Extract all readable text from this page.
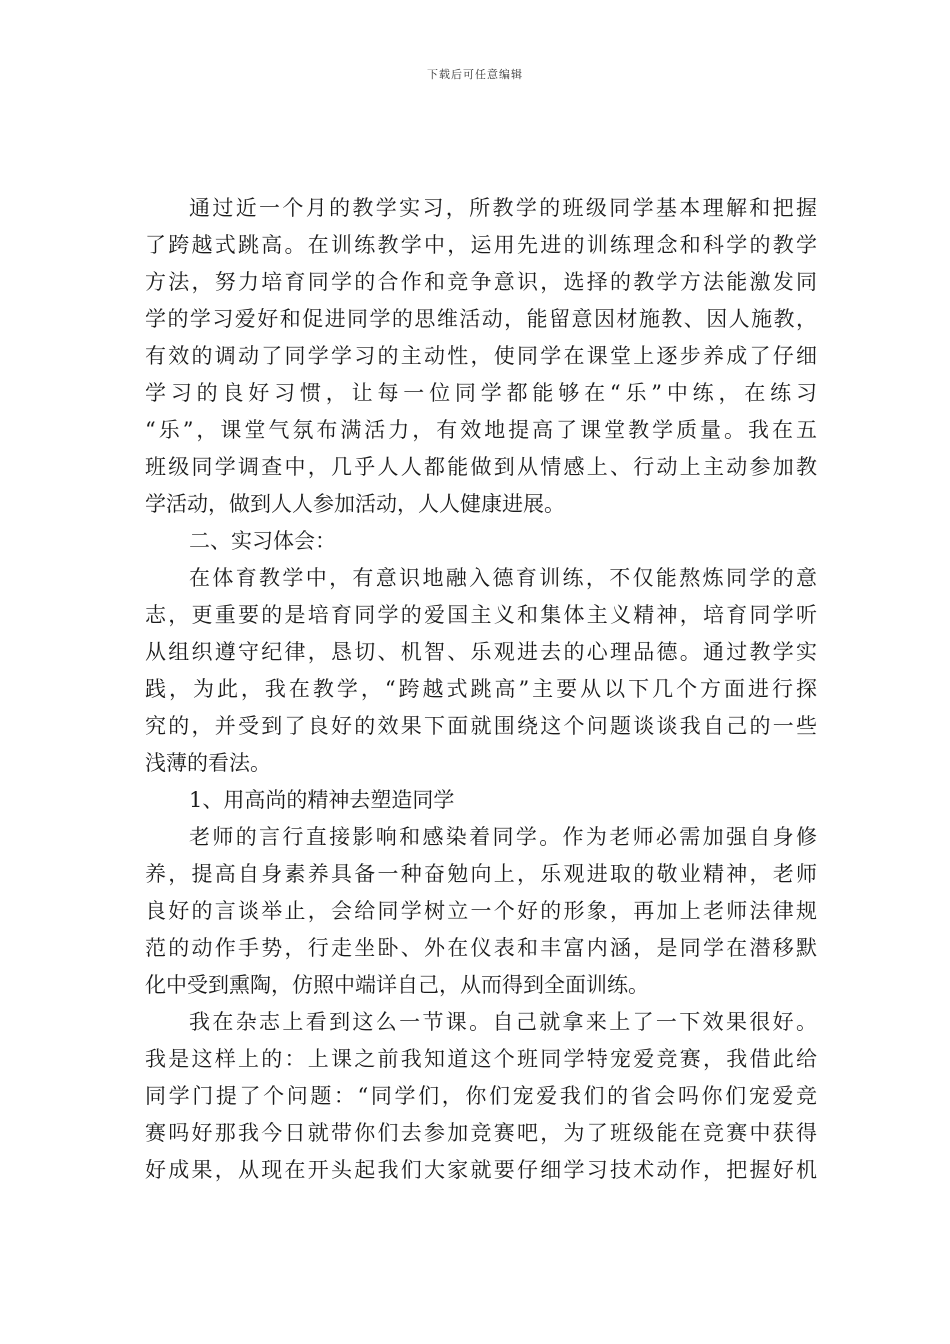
下载后可任意编辑
通过近一个月的教学实习，所教学的班级同学基本理解和把握
了跨越式跳高。在训练教学中，运用先进的训练理念和科学的教学
方法，努力培育同学的合作和竞争意识，选择的教学方法能激发同
学的学习爱好和促进同学的思维活动，能留意因材施教、因人施教，
有效的调动了同学学习的主动性，使同学在课堂上逐步养成了仔细
学习的良好习惯，让每一位同学都能够在“乐”中练，在练习
“乐”，课堂气氛布满活力，有效地提高了课堂教学质量。我在五
班级同学调查中，几乎人人都能做到从情感上、行动上主动参加教
学活动，做到人人参加活动，人人健康进展。
二、实习体会：
在体育教学中，有意识地融入德育训练，不仅能熬炼同学的意
志，更重要的是培育同学的爱国主义和集体主义精神，培育同学听
从组织遵守纪律，恳切、机智、乐观进去的心理品德。通过教学实
践，为此，我在教学，“跨越式跳高”主要从以下几个方面进行探
究的，并受到了良好的效果下面就围绕这个问题谈谈我自己的一些
浅薄的看法。
1、用高尚的精神去塑造同学
老师的言行直接影响和感染着同学。作为老师必需加强自身修
养，提高自身素养具备一种奋勉向上，乐观进取的敬业精神，老师
良好的言谈举止，会给同学树立一个好的形象，再加上老师法律规
范的动作手势，行走坐卧、外在仪表和丰富内涵，是同学在潜移默
化中受到熏陶，仿照中端详自己，从而得到全面训练。
我在杂志上看到这么一节课。自己就拿来上了一下效果很好。
我是这样上的：上课之前我知道这个班同学特宠爱竞赛，我借此给
同学门提了个问题：“同学们，你们宠爱我们的省会吗你们宠爱竞
赛吗好那我今日就带你们去参加竞赛吧，为了班级能在竞赛中获得
好成果，从现在开头起我们大家就要仔细学习技术动作，把握好机
